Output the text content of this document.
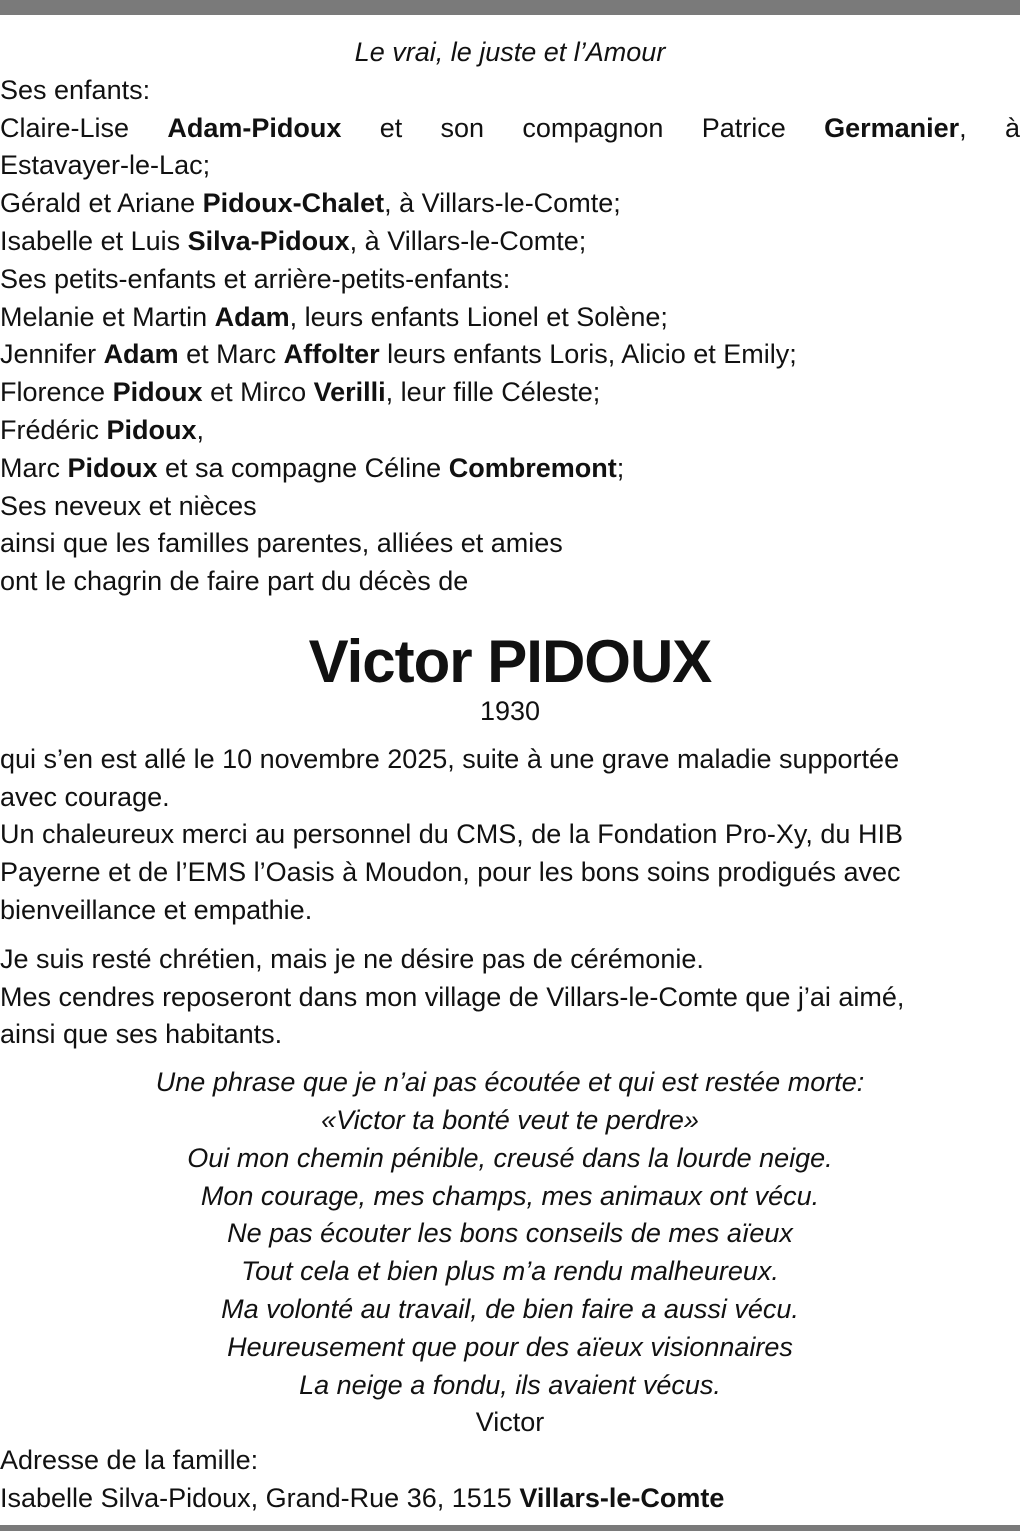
Le vrai, le juste et l’Amour
Ses enfants:
Claire-Lise Adam-Pidoux et son compagnon Patrice Germanier, à
Estavayer-le-Lac;
Gérald et Ariane Pidoux-Chalet, à Villars-le-Comte;
Isabelle et Luis Silva-Pidoux, à Villars-le-Comte;
Ses petits-enfants et arrière-petits-enfants:
Melanie et Martin Adam, leurs enfants Lionel et Solène;
Jennifer Adam et Marc Affolter leurs enfants Loris, Alicio et Emily;
Florence Pidoux et Mirco Verilli, leur fille Céleste;
Frédéric Pidoux,
Marc Pidoux et sa compagne Céline Combremont;
Ses neveux et nièces
ainsi que les familles parentes, alliées et amies
ont le chagrin de faire part du décès de
Victor PIDOUX
1930
qui s’en est allé le 10 novembre 2025, suite à une grave maladie supportée
avec courage.
Un chaleureux merci au personnel du CMS, de la Fondation Pro-Xy, du HIB
Payerne et de l’EMS l’Oasis à Moudon, pour les bons soins prodigués avec
bienveillance et empathie.
Je suis resté chrétien, mais je ne désire pas de cérémonie.
Mes cendres reposeront dans mon village de Villars-le-Comte que j’ai aimé,
ainsi que ses habitants.
Une phrase que je n’ai pas écoutée et qui est restée morte:
«Victor ta bonté veut te perdre»
Oui mon chemin pénible, creusé dans la lourde neige.
Mon courage, mes champs, mes animaux ont vécu.
Ne pas écouter les bons conseils de mes aïeux
Tout cela et bien plus m’a rendu malheureux.
Ma volonté au travail, de bien faire a aussi vécu.
Heureusement que pour des aïeux visionnaires
La neige a fondu, ils avaient vécus.
Victor
Adresse de la famille:
Isabelle Silva-Pidoux, Grand-Rue 36, 1515 Villars-le-Comte
